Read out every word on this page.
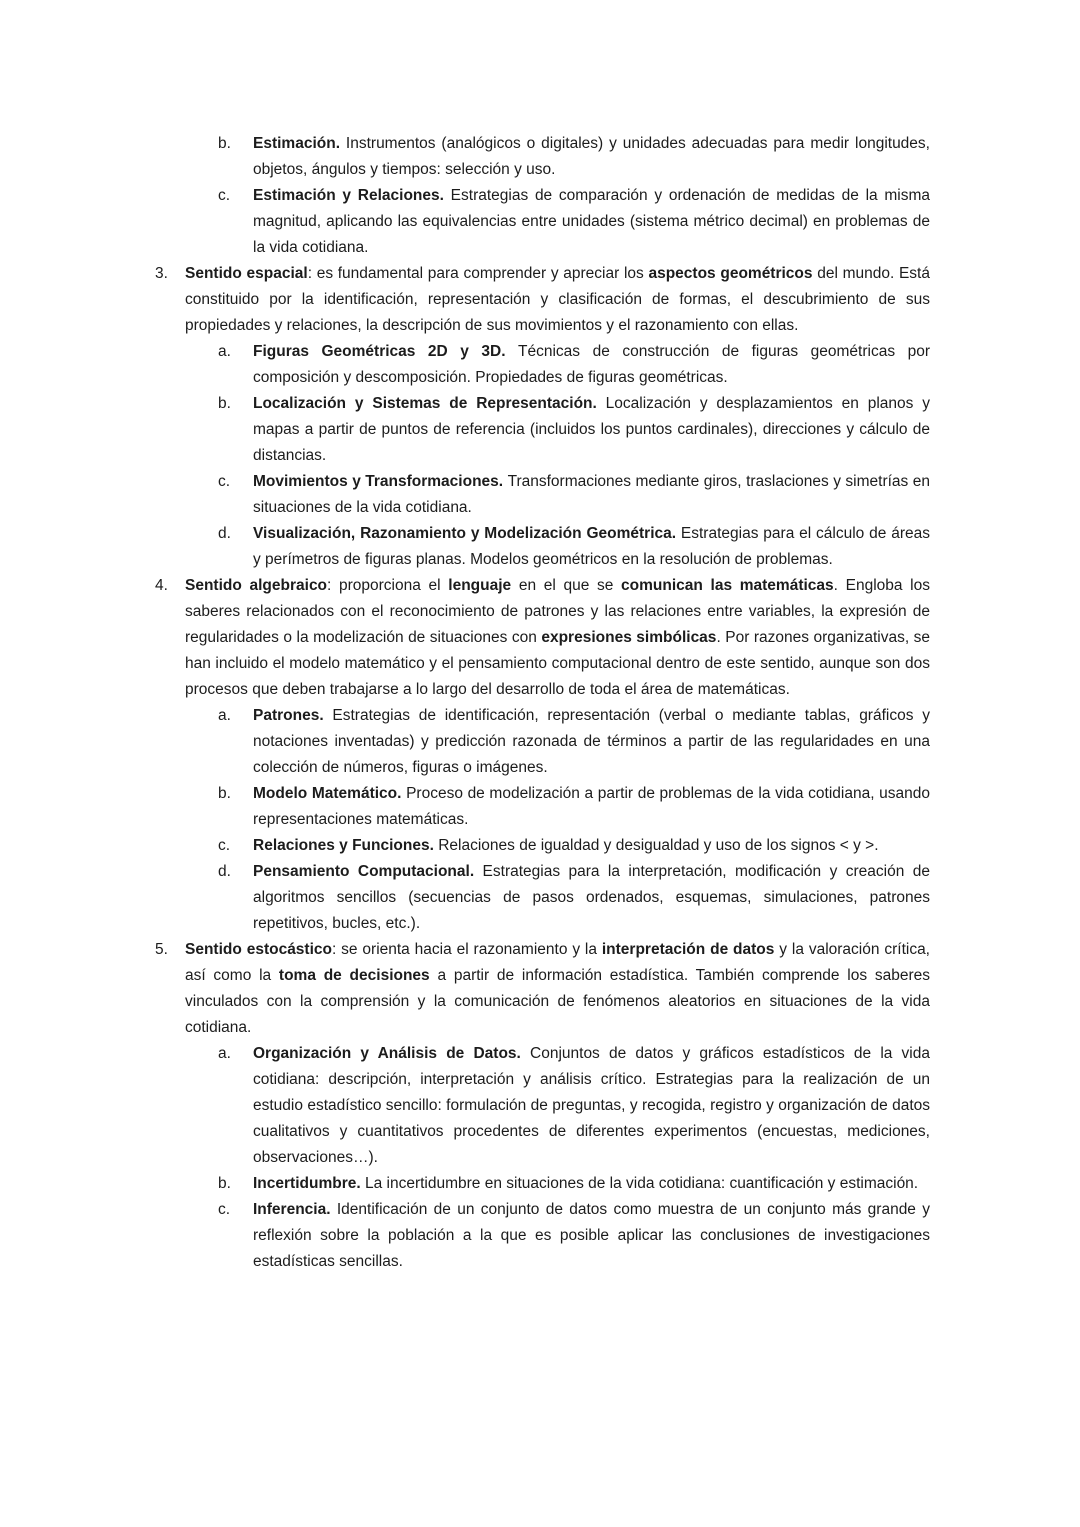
b.	Estimación. Instrumentos (analógicos o digitales) y unidades adecuadas para medir longitudes, objetos, ángulos y tiempos: selección y uso.
c.	Estimación y Relaciones. Estrategias de comparación y ordenación de medidas de la misma magnitud, aplicando las equivalencias entre unidades (sistema métrico decimal) en problemas de la vida cotidiana.
3.	Sentido espacial: es fundamental para comprender y apreciar los aspectos geométricos del mundo. Está constituido por la identificación, representación y clasificación de formas, el descubrimiento de sus propiedades y relaciones, la descripción de sus movimientos y el razonamiento con ellas.
a.	Figuras Geométricas 2D y 3D. Técnicas de construcción de figuras geométricas por composición y descomposición. Propiedades de figuras geométricas.
b.	Localización y Sistemas de Representación. Localización y desplazamientos en planos y mapas a partir de puntos de referencia (incluidos los puntos cardinales), direcciones y cálculo de distancias.
c.	Movimientos y Transformaciones. Transformaciones mediante giros, traslaciones y simetrías en situaciones de la vida cotidiana.
d.	Visualización, Razonamiento y Modelización Geométrica. Estrategias para el cálculo de áreas y perímetros de figuras planas. Modelos geométricos en la resolución de problemas.
4.	Sentido algebraico: proporciona el lenguaje en el que se comunican las matemáticas. Engloba los saberes relacionados con el reconocimiento de patrones y las relaciones entre variables, la expresión de regularidades o la modelización de situaciones con expresiones simbólicas. Por razones organizativas, se han incluido el modelo matemático y el pensamiento computacional dentro de este sentido, aunque son dos procesos que deben trabajarse a lo largo del desarrollo de toda el área de matemáticas.
a.	Patrones. Estrategias de identificación, representación (verbal o mediante tablas, gráficos y notaciones inventadas) y predicción razonada de términos a partir de las regularidades en una colección de números, figuras o imágenes.
b.	Modelo Matemático. Proceso de modelización a partir de problemas de la vida cotidiana, usando representaciones matemáticas.
c.	Relaciones y Funciones. Relaciones de igualdad y desigualdad y uso de los signos < y >.
d.	Pensamiento Computacional. Estrategias para la interpretación, modificación y creación de algoritmos sencillos (secuencias de pasos ordenados, esquemas, simulaciones, patrones repetitivos, bucles, etc.).
5.	Sentido estocástico: se orienta hacia el razonamiento y la interpretación de datos y la valoración crítica, así como la toma de decisiones a partir de información estadística. También comprende los saberes vinculados con la comprensión y la comunicación de fenómenos aleatorios en situaciones de la vida cotidiana.
a.	Organización y Análisis de Datos. Conjuntos de datos y gráficos estadísticos de la vida cotidiana: descripción, interpretación y análisis crítico. Estrategias para la realización de un estudio estadístico sencillo: formulación de preguntas, y recogida, registro y organización de datos cualitativos y cuantitativos procedentes de diferentes experimentos (encuestas, mediciones, observaciones…).
b.	Incertidumbre. La incertidumbre en situaciones de la vida cotidiana: cuantificación y estimación.
c.	Inferencia. Identificación de un conjunto de datos como muestra de un conjunto más grande y reflexión sobre la población a la que es posible aplicar las conclusiones de investigaciones estadísticas sencillas.
